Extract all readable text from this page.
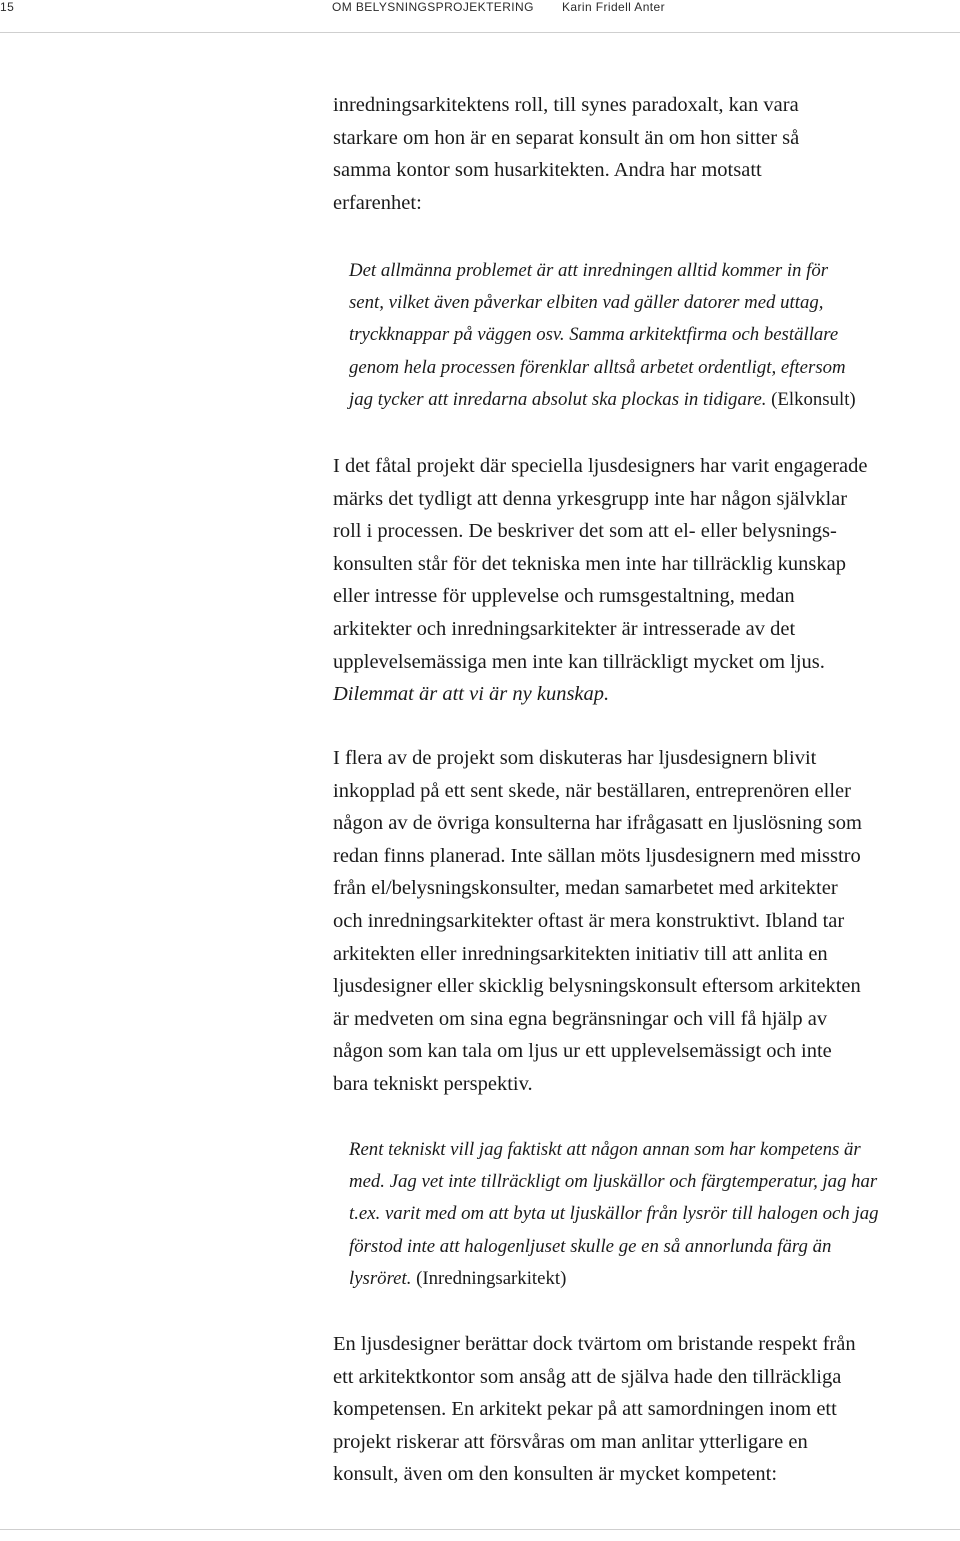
15	OM BELYSNINGSPROJEKTERING Karin Fridell Anter

inredningsarkitektens roll, till synes paradoxalt, kan vara
starkare om hon är en separat konsult än om hon sitter så
samma kontor som husarkitekten. Andra har motsatt
erfarenhet:

Det allmänna problemet är att inredningen alltid kommer in för
sent, vilket även påverkar elbiten vad gäller datorer med uttag,
tryckknappar på väggen osv. Samma arkitektfirma och beställare
genom hela processen förenklar alltså arbetet ordentligt, eftersom
jag tycker att inredarna absolut ska plockas in tidigare. (Elkonsult)

I det fåtal projekt där speciella ljusdesigners har varit engagerade
märks det tydligt att denna yrkesgrupp inte har någon självklar
roll i processen. De beskriver det som att el- eller belysnings-
konsulten står för det tekniska men inte har tillräcklig kunskap
eller intresse för upplevelse och rumsgestaltning, medan
arkitekter och inredningsarkitekter är intresserade av det
upplevelsemässiga men inte kan tillräckligt mycket om ljus.
Dilemmat är att vi är ny kunskap.

I flera av de projekt som diskuteras har ljusdesignern blivit
inkopplad på ett sent skede, när beställaren, entreprenören eller
någon av de övriga konsulterna har ifrågasatt en ljuslösning som
redan finns planerad. Inte sällan möts ljusdesignern med misstro
från el/belysningskonsulter, medan samarbetet med arkitekter
och inredningsarkitekter oftast är mera konstruktivt. Ibland tar
arkitekten eller inredningsarkitekten initiativ till att anlita en
ljusdesigner eller skicklig belysningskonsult eftersom arkitekten
är medveten om sina egna begränsningar och vill få hjälp av
någon som kan tala om ljus ur ett upplevelsemässigt och inte
bara tekniskt perspektiv.

Rent tekniskt vill jag faktiskt att någon annan som har kompetens är
med. Jag vet inte tillräckligt om ljuskällor och färgtemperatur, jag har
t.ex. varit med om att byta ut ljuskällor från lysrör till halogen och jag
förstod inte att halogenljuset skulle ge en så annorlunda färg än
lysröret. (Inredningsarkitekt)

En ljusdesigner berättar dock tvärtom om bristande respekt från
ett arkitektkontor som ansåg att de själva hade den tillräckliga
kompetensen. En arkitekt pekar på att samordningen inom ett
projekt riskerar att försvåras om man anlitar ytterligare en
konsult, även om den konsulten är mycket kompetent:
